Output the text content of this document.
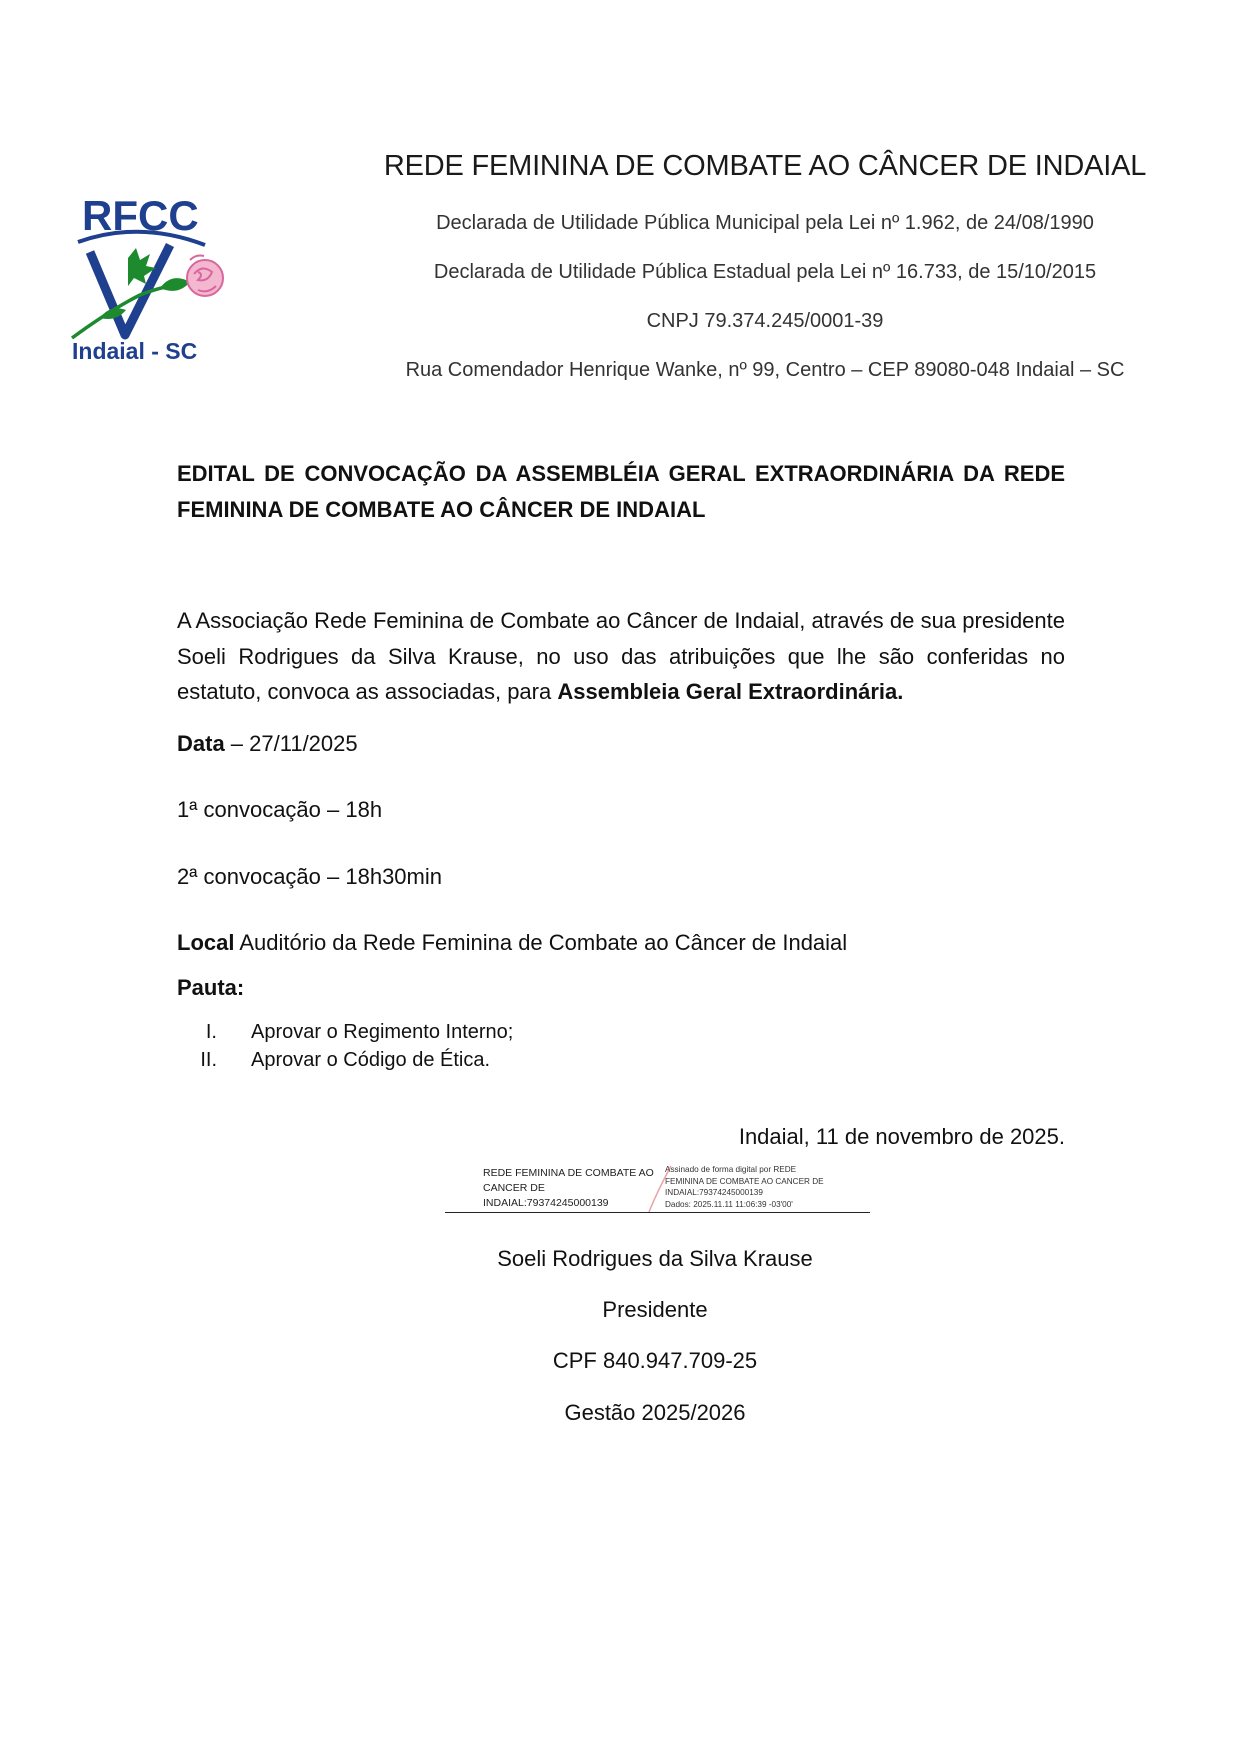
RFCC
Indaial - SC
REDE FEMININA DE COMBATE AO CÂNCER DE INDAIAL
Declarada de Utilidade Pública Municipal pela Lei nº 1.962, de 24/08/1990
Declarada de Utilidade Pública Estadual pela Lei nº 16.733, de 15/10/2015
CNPJ 79.374.245/0001-39
Rua Comendador Henrique Wanke, nº 99, Centro – CEP 89080-048 Indaial – SC
EDITAL DE CONVOCAÇÃO DA ASSEMBLÉIA GERAL EXTRAORDINÁRIA DA REDE FEMININA DE COMBATE AO CÂNCER DE INDAIAL
A Associação Rede Feminina de Combate ao Câncer de Indaial, através de sua presidente Soeli Rodrigues da Silva Krause, no uso das atribuições que lhe são conferidas no estatuto, convoca as associadas, para Assembleia Geral Extraordinária.
Data – 27/11/2025
1ª convocação – 18h
2ª convocação – 18h30min
Local Auditório da Rede Feminina de Combate ao Câncer de Indaial
Pauta:
I. Aprovar o Regimento Interno;
II. Aprovar o Código de Ética.
Indaial, 11 de novembro de 2025.
REDE FEMININA DE COMBATE AO
CANCER DE
INDAIAL:79374245000139
Assinado de forma digital por REDE
FEMININA DE COMBATE AO CANCER DE
INDAIAL:79374245000139
Dados: 2025.11.11 11:06:39 -03'00'
Soeli Rodrigues da Silva Krause
Presidente
CPF 840.947.709-25
Gestão 2025/2026
